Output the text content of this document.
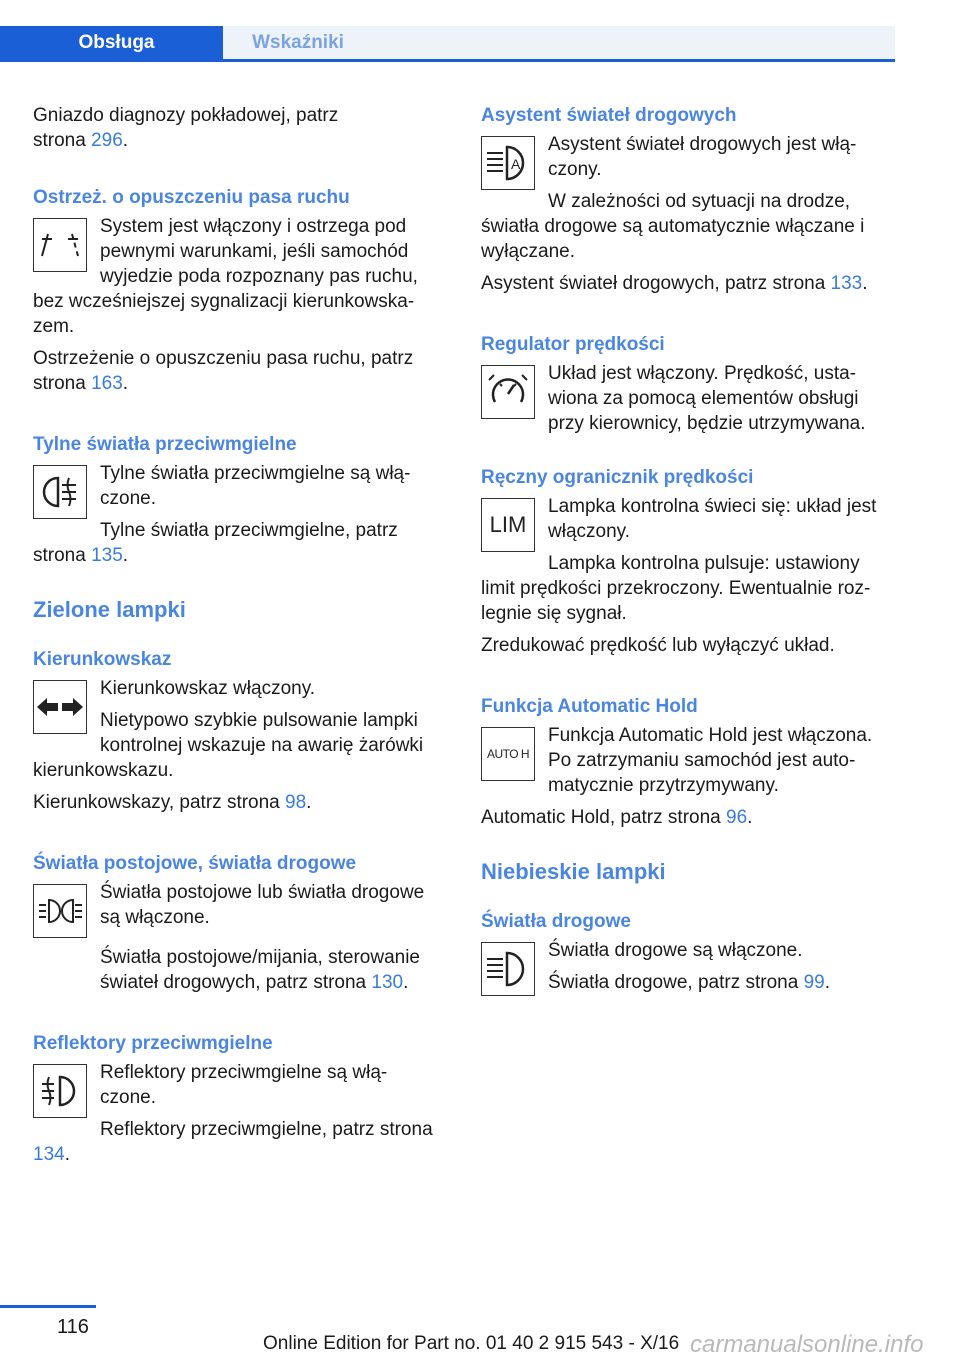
Obsługa	Wskaźniki

Gniazdo diagnozy pokładowej, patrz strona 296.

Ostrzeż. o opuszczeniu pasa ruchu

System jest włączony i ostrzega pod pewnymi warunkami, jeśli samochód wyjedzie poda rozpoznany pas ruchu, bez wcześniejszej sygnalizacji kierunkowska‐zem.

Ostrzeżenie o opuszczeniu pasa ruchu, patrz strona 163.

Tylne światła przeciwmgielne

Tylne światła przeciwmgielne są włą‐czone.

Tylne światła przeciwmgielne, patrz strona 135.

Zielone lampki

Kierunkowskaz

Kierunkowskaz włączony.

Nietypowo szybkie pulsowanie lampki kontrolnej wskazuje na awarię żarówki kierunkowskazu.

Kierunkowskazy, patrz strona 98.

Światła postojowe, światła drogowe

Światła postojowe lub światła drogowe są włączone.

Światła postojowe/mijania, sterowanie świateł drogowych, patrz strona 130.

Reflektory przeciwmgielne

Reflektory przeciwmgielne są włą‐czone.

Reflektory przeciwmgielne, patrz strona 134.

Asystent świateł drogowych

A

Asystent świateł drogowych jest włą‐czony.

W zależności od sytuacji na drodze, światła drogowe są automatycznie włączane i wyłączane.

Asystent świateł drogowych, patrz strona 133.

Regulator prędkości

Układ jest włączony. Prędkość, usta‐wiona za pomocą elementów obsługi przy kierownicy, będzie utrzymywana.

Ręczny ogranicznik prędkości

LIM

Lampka kontrolna świeci się: układ jest włączony.

Lampka kontrolna pulsuje: ustawiony limit prędkości przekroczony. Ewentualnie roz‐legnie się sygnał.

Zredukować prędkość lub wyłączyć układ.

Funkcja Automatic Hold

AUTO H

Funkcja Automatic Hold jest włączona. Po zatrzymaniu samochód jest auto‐matycznie przytrzymywany.

Automatic Hold, patrz strona 96.

Niebieskie lampki

Światła drogowe

Światła drogowe są włączone.

Światła drogowe, patrz strona 99.

116
Online Edition for Part no. 01 40 2 915 543 - X/16 carmanualsonline.info
